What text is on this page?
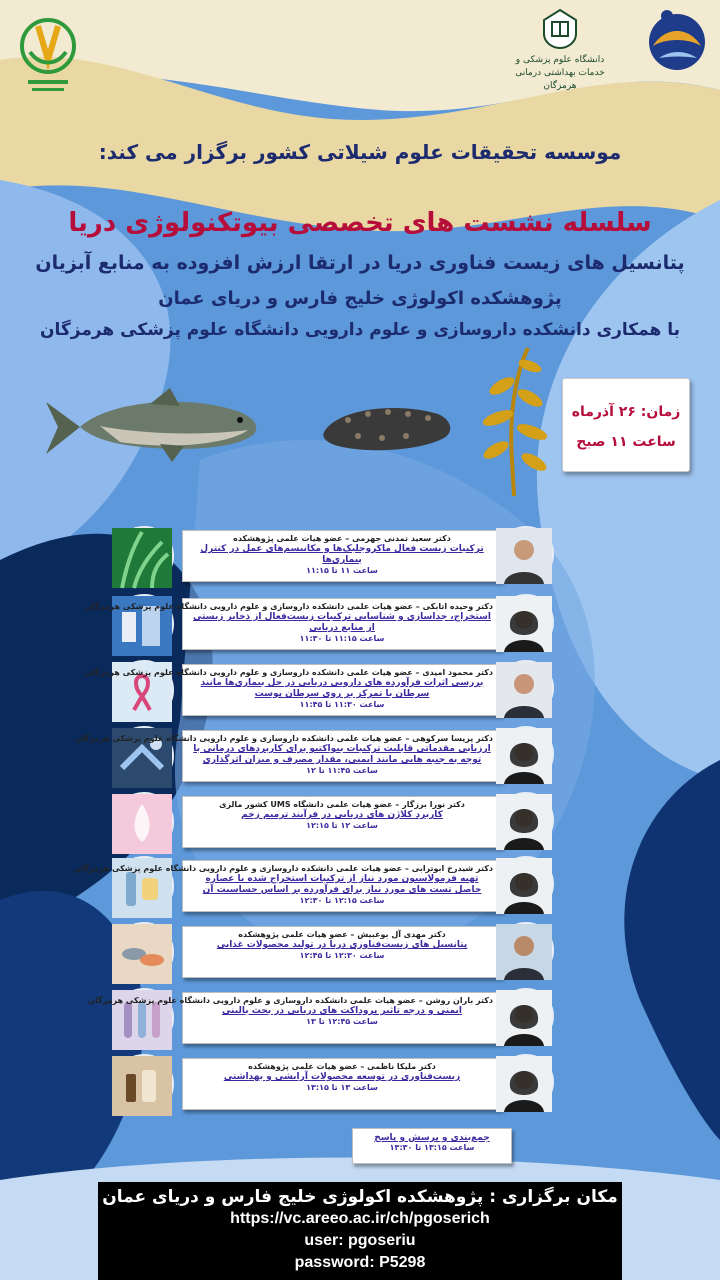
دانشگاه علوم پزشکی و
خدمات بهداشتی درمانی هرمزگان
موسسه تحقیقات علوم شیلاتی کشور برگزار می کند:
سلسله نشست های تخصصی بیوتکنولوژی دریا
پتانسیل های زیست فناوری دریا در ارتقا ارزش افزوده به منابع آبزیان
پژوهشکده اکولوژی خلیج فارس و دریای عمان
با همکاری دانشکده داروسازی و علوم دارویی دانشگاه علوم پزشکی هرمزگان
زمان: ۲۶ آذرماه
ساعت ۱۱ صبح
دکتر سعید تمدنی جهرمی – عضو هیات علمی پژوهشکده
ترکیبات زیست فعال ماکروجلبک‌ها و مکانیسم‌های عمل در کنترل بیماری‌ها
ساعت ۱۱ تا ۱۱:۱۵
دکتر وحیده اتابکی – عضو هیات علمی دانشکده داروسازی و علوم دارویی دانشگاه علوم پزشکی هرمزگان
استخراج، جداسازی و شناسایی ترکیبات زیست‌فعال از ذخایر زیستی از منابع دریایی
ساعت ۱۱:۱۵ تا ۱۱:۳۰
دکتر محمود امیدی – عضو هیات علمی دانشکده داروسازی و علوم دارویی دانشگاه علوم پزشکی هرمزگان
بررسی اثرات فرآورده های دارویی دریایی در حل بیماری‌ها مانند سرطان با تمرکز بر روی سرطان پوست
ساعت ۱۱:۳۰ تا ۱۱:۴۵
دکتر پریسا سرکوهی – عضو هیات علمی دانشکده داروسازی و علوم دارویی دانشگاه علوم پزشکی هرمزگان
ارزیابی مقدماتی قابلیت ترکیبات بیواکتیو برای کاربردهای درمانی با توجه به جنبه هایی مانند ایمنی، مقدار مصرف و میزان اثرگذاری
ساعت ۱۱:۴۵ تا ۱۲
دکتر نورا برزگار – عضو هیات علمی دانشگاه UMS کشور مالزی
کاربرد کلاژن های دریایی در فرآیند ترمیم زخم
ساعت ۱۲ تا ۱۲:۱۵
دکتر شیدرخ ابوترابی – عضو هیات علمی دانشکده داروسازی و علوم دارویی دانشگاه علوم پزشکی هرمزگان
تهیه فرمولاسیون مورد نیاز از ترکیبات استخراج شده یا عصاره حاصل تست های مورد نیاز برای فرآورده بر اساس حساسیت آن
ساعت ۱۲:۱۵ تا ۱۲:۳۰
دکتر مهدی آل بوغبیش – عضو هیات علمی پژوهشکده
پتانسیل های زیست‌فناوری دریا در تولید محصولات غذایی
ساعت ۱۲:۳۰ تا ۱۲:۴۵
دکتر باران روشن – عضو هیات علمی دانشکده داروسازی و علوم دارویی دانشگاه علوم پزشکی هرمزگان
ایمنی و درجه تاثیر پروداکت های دریایی در بحث بالینی
ساعت ۱۲:۴۵ تا ۱۳
دکتر ملیکا ناظمی – عضو هیات علمی پژوهشکده
زیست‌فناوری در توسعه محصولات آرایشی و بهداشتی
ساعت ۱۳ تا ۱۳:۱۵
جمع‌بندی و پرسش و پاسخ
ساعت ۱۳:۱۵ تا ۱۳:۳۰
مکان برگزاری : پژوهشکده اکولوژی خلیج فارس و دریای عمان
https://vc.areeo.ac.ir/ch/pgoserich
user: pgoseriu
password: P5298
